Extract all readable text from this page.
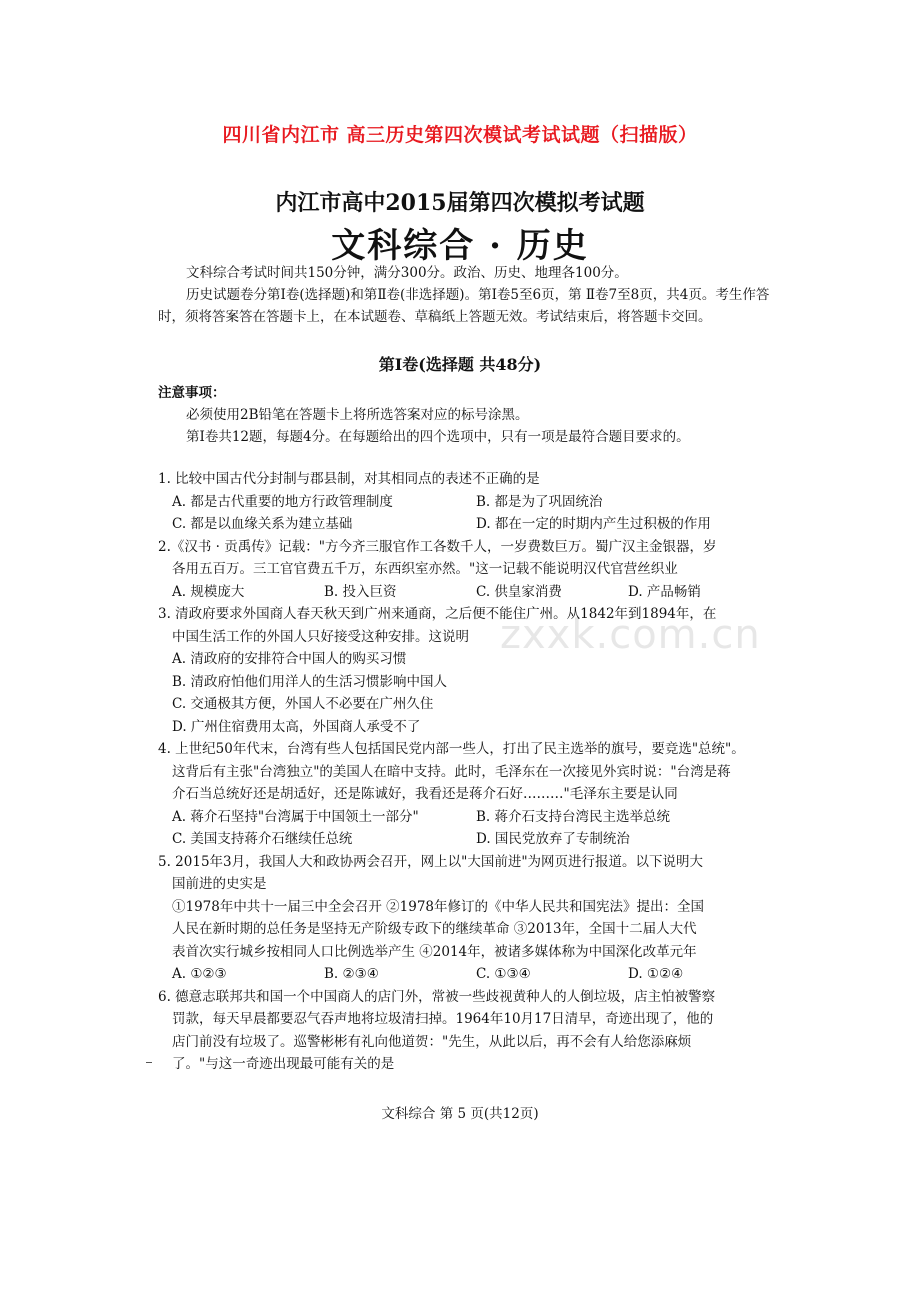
四川省内江市 高三历史第四次模试考试试题（扫描版）
内江市高中2015届第四次模拟考试题
文科综合 · 历史

文科综合考试时间共150分钟，满分300分。政治、历史、地理各100分。

历史试题卷分第Ⅰ卷(选择题)和第Ⅱ卷(非选择题)。第Ⅰ卷5至6页，第 Ⅱ卷7至8页，共4页。考生作答时，须将答案答在答题卡上，在本试题卷、草稿纸上答题无效。考试结束后，将答题卡交回。

第Ⅰ卷(选择题 共48分)
注意事项：

必须使用2B铅笔在答题卡上将所选答案对应的标号涂黑。

第Ⅰ卷共12题，每题4分。在每题给出的四个选项中，只有一项是最符合题目要求的。

zxxk.com.cn
1. 比较中国古代分封制与郡县制，对其相同点的表述不正确的是
A. 都是古代重要的地方行政管理制度	B. 都是为了巩固统治
C. 都是以血缘关系为建立基础	D. 都在一定的时期内产生过积极的作用
2.《汉书 · 贡禹传》记载："方今齐三服官作工各数千人，一岁费数巨万。蜀广汉主金银器，岁
各用五百万。三工官官费五千万，东西织室亦然。"这一记载不能说明汉代官营丝织业
A. 规模庞大	B. 投入巨资	C. 供皇家消费	D. 产品畅销
3. 清政府要求外国商人春天秋天到广州来通商，之后便不能住广州。从1842年到1894年，在
中国生活工作的外国人只好接受这种安排。这说明
A. 清政府的安排符合中国人的购买习惯
B. 清政府怕他们用洋人的生活习惯影响中国人
C. 交通极其方便，外国人不必要在广州久住
D. 广州住宿费用太高，外国商人承受不了
4. 上世纪50年代末，台湾有些人包括国民党内部一些人，打出了民主选举的旗号，要竞选"总统"。
这背后有主张"台湾独立"的美国人在暗中支持。此时，毛泽东在一次接见外宾时说："台湾是蒋
介石当总统好还是胡适好，还是陈诚好，我看还是蒋介石好………"毛泽东主要是认同
A. 蒋介石坚持"台湾属于中国领土一部分"	B. 蒋介石支持台湾民主选举总统
C. 美国支持蒋介石继续任总统	D. 国民党放弃了专制统治
5. 2015年3月，我国人大和政协两会召开，网上以"大国前进"为网页进行报道。以下说明大
国前进的史实是
①1978年中共十一届三中全会召开 ②1978年修订的《中华人民共和国宪法》提出：全国
人民在新时期的总任务是坚持无产阶级专政下的继续革命 ③2013年，全国十二届人大代
表首次实行城乡按相同人口比例选举产生 ④2014年，被诸多媒体称为中国深化改革元年
A. ①②③	B. ②③④	C. ①③④	D. ①②④
6. 德意志联邦共和国一个中国商人的店门外，常被一些歧视黄种人的人倒垃圾，店主怕被警察
罚款，每天早晨都要忍气吞声地将垃圾清扫掉。1964年10月17日清早，奇迹出现了，他的
店门前没有垃圾了。巡警彬彬有礼向他道贺："先生，从此以后，再不会有人给您添麻烦
了。"与这一奇迹出现最可能有关的是
文科综合 第 5 页(共12页)
